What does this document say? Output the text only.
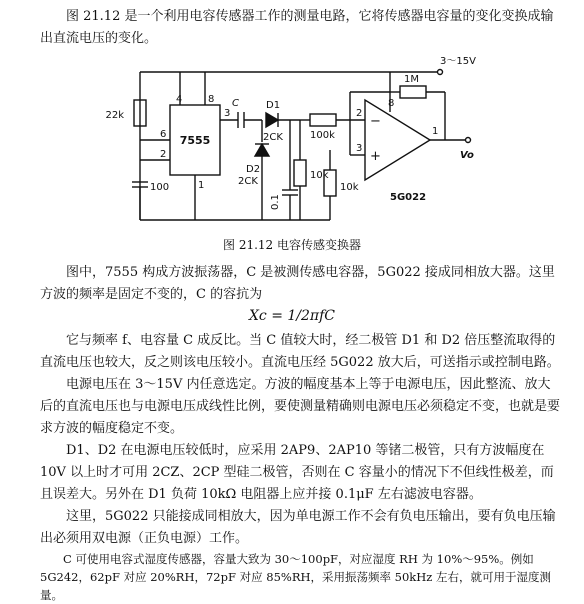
图 21.12 是一个利用电容传感器工作的测量电路，它将传感器电容量的变化变换成输出直流电压的变化。
3～15V
22k
100
7555
4	8
6
2
1
3
C	D1
2CK
D2
2CK
0.1
10k
100k
10k
−
+
2
3
8
1
5G022
1M
Vo
图 21.12 电容传感变换器
图中，7555 构成方波振荡器，C 是被测传感电容器，5G022 接成同相放大器。这里方波的频率是固定不变的，C 的容抗为
Xc = 1/2πfC
它与频率 f、电容量 C 成反比。当 C 值较大时，经二极管 D1 和 D2 倍压整流取得的直流电压也较大，反之则该电压较小。直流电压经 5G022 放大后，可送指示或控制电路。
电源电压在 3～15V 内任意选定。方波的幅度基本上等于电源电压，因此整流、放大后的直流电压也与电源电压成线性比例，要使测量精确则电源电压必须稳定不变，也就是要求方波的幅度稳定不变。
D1、D2 在电源电压较低时，应采用 2AP9、2AP10 等锗二极管，只有方波幅度在 10V 以上时才可用 2CZ、2CP 型硅二极管，否则在 C 容量小的情况下不但线性极差，而且误差大。另外在 D1 负荷 10kΩ 电阻器上应并接 0.1μF 左右滤波电容器。
这里，5G022 只能接成同相放大，因为单电源工作不会有负电压输出，要有负电压输出必须用双电源（正负电源）工作。
C 可使用电容式湿度传感器，容量大致为 30～100pF，对应湿度 RH 为 10%～95%。例如 5G242，62pF 对应 20%RH，72pF 对应 85%RH，采用振荡频率 50kHz 左右，就可用于湿度测量。
